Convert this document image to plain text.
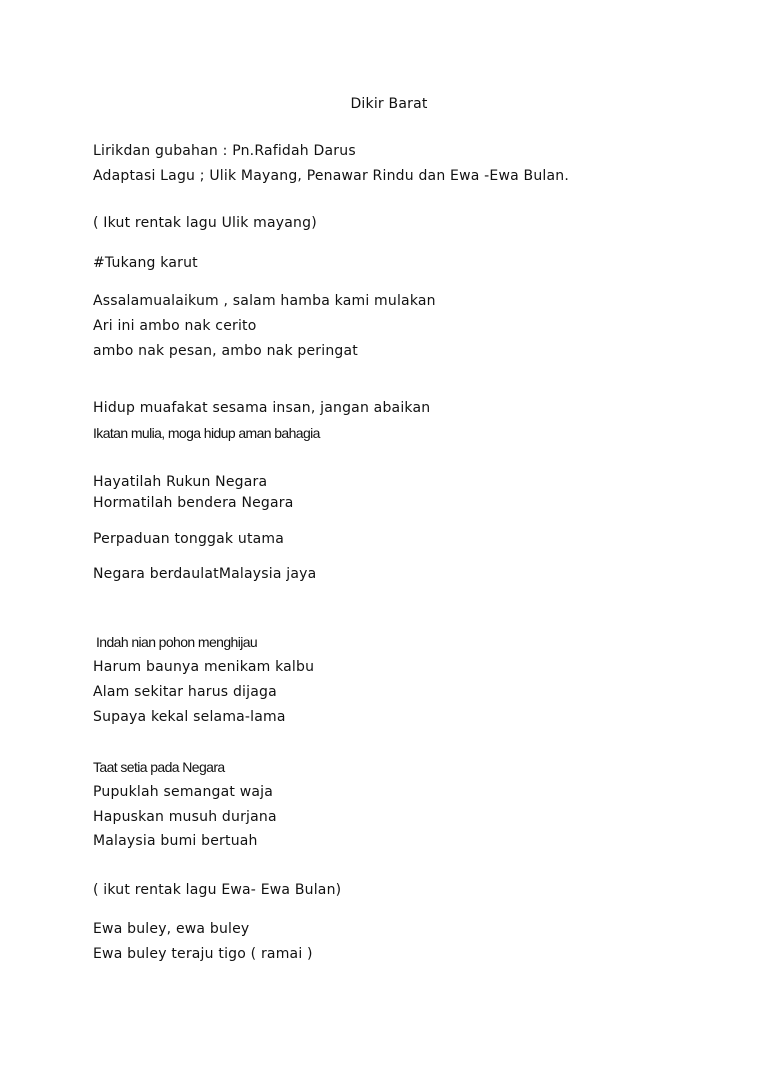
Dikir Barat
Lirikdan gubahan : Pn.Rafidah Darus
Adaptasi Lagu ; Ulik Mayang, Penawar Rindu dan Ewa -Ewa Bulan.
( Ikut rentak lagu Ulik mayang)
#Tukang karut
Assalamualaikum , salam hamba kami mulakan
Ari ini ambo nak cerito
ambo nak pesan, ambo nak peringat
Hidup muafakat sesama insan, jangan abaikan
Ikatan mulia, moga hidup aman bahagia
Hayatilah Rukun Negara
Hormatilah bendera Negara
Perpaduan tonggak utama
Negara berdaulatMalaysia jaya
Indah nian pohon menghijau
Harum baunya menikam kalbu
Alam sekitar harus dijaga
Supaya kekal selama-lama
Taat setia pada Negara
Pupuklah semangat waja
Hapuskan musuh durjana
Malaysia bumi bertuah
( ikut rentak lagu Ewa- Ewa Bulan)
Ewa buley, ewa buley
Ewa buley teraju tigo ( ramai )
